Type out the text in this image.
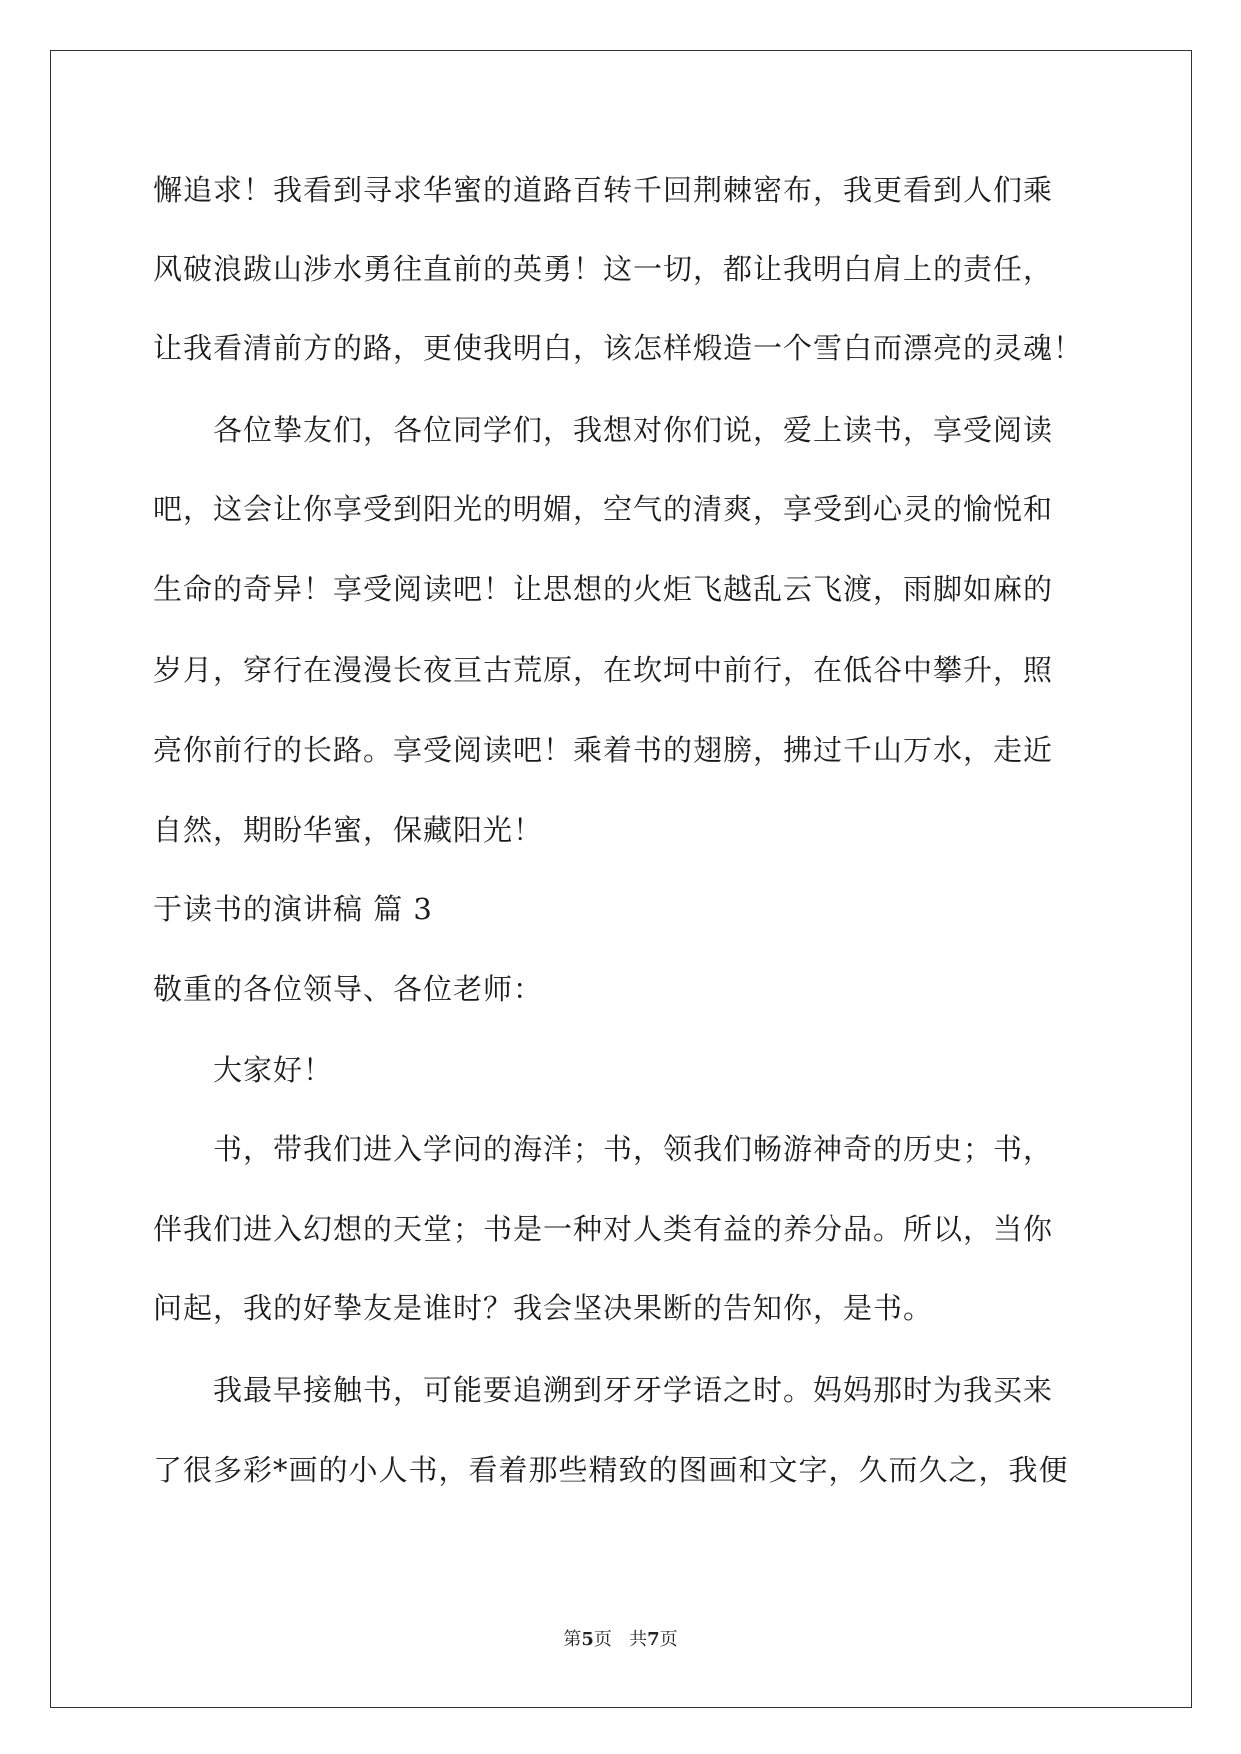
懈追求！我看到寻求华蜜的道路百转千回荆棘密布，我更看到人们乘
风破浪跋山涉水勇往直前的英勇！这一切，都让我明白肩上的责任，
让我看清前方的路，更使我明白，该怎样煅造一个雪白而漂亮的灵魂！
各位挚友们，各位同学们，我想对你们说，爱上读书，享受阅读
吧，这会让你享受到阳光的明媚，空气的清爽，享受到心灵的愉悦和
生命的奇异！享受阅读吧！让思想的火炬飞越乱云飞渡，雨脚如麻的
岁月，穿行在漫漫长夜亘古荒原，在坎坷中前行，在低谷中攀升，照
亮你前行的长路。享受阅读吧！乘着书的翅膀，拂过千山万水，走近
自然，期盼华蜜，保藏阳光！
于读书的演讲稿 篇 3
敬重的各位领导、各位老师：
大家好！
书，带我们进入学问的海洋；书，领我们畅游神奇的历史；书，
伴我们进入幻想的天堂；书是一种对人类有益的养分品。所以，当你
问起，我的好挚友是谁时？我会坚决果断的告知你，是书。
我最早接触书，可能要追溯到牙牙学语之时。妈妈那时为我买来
了很多彩*画的小人书，看着那些精致的图画和文字，久而久之，我便
第5页 共7页
